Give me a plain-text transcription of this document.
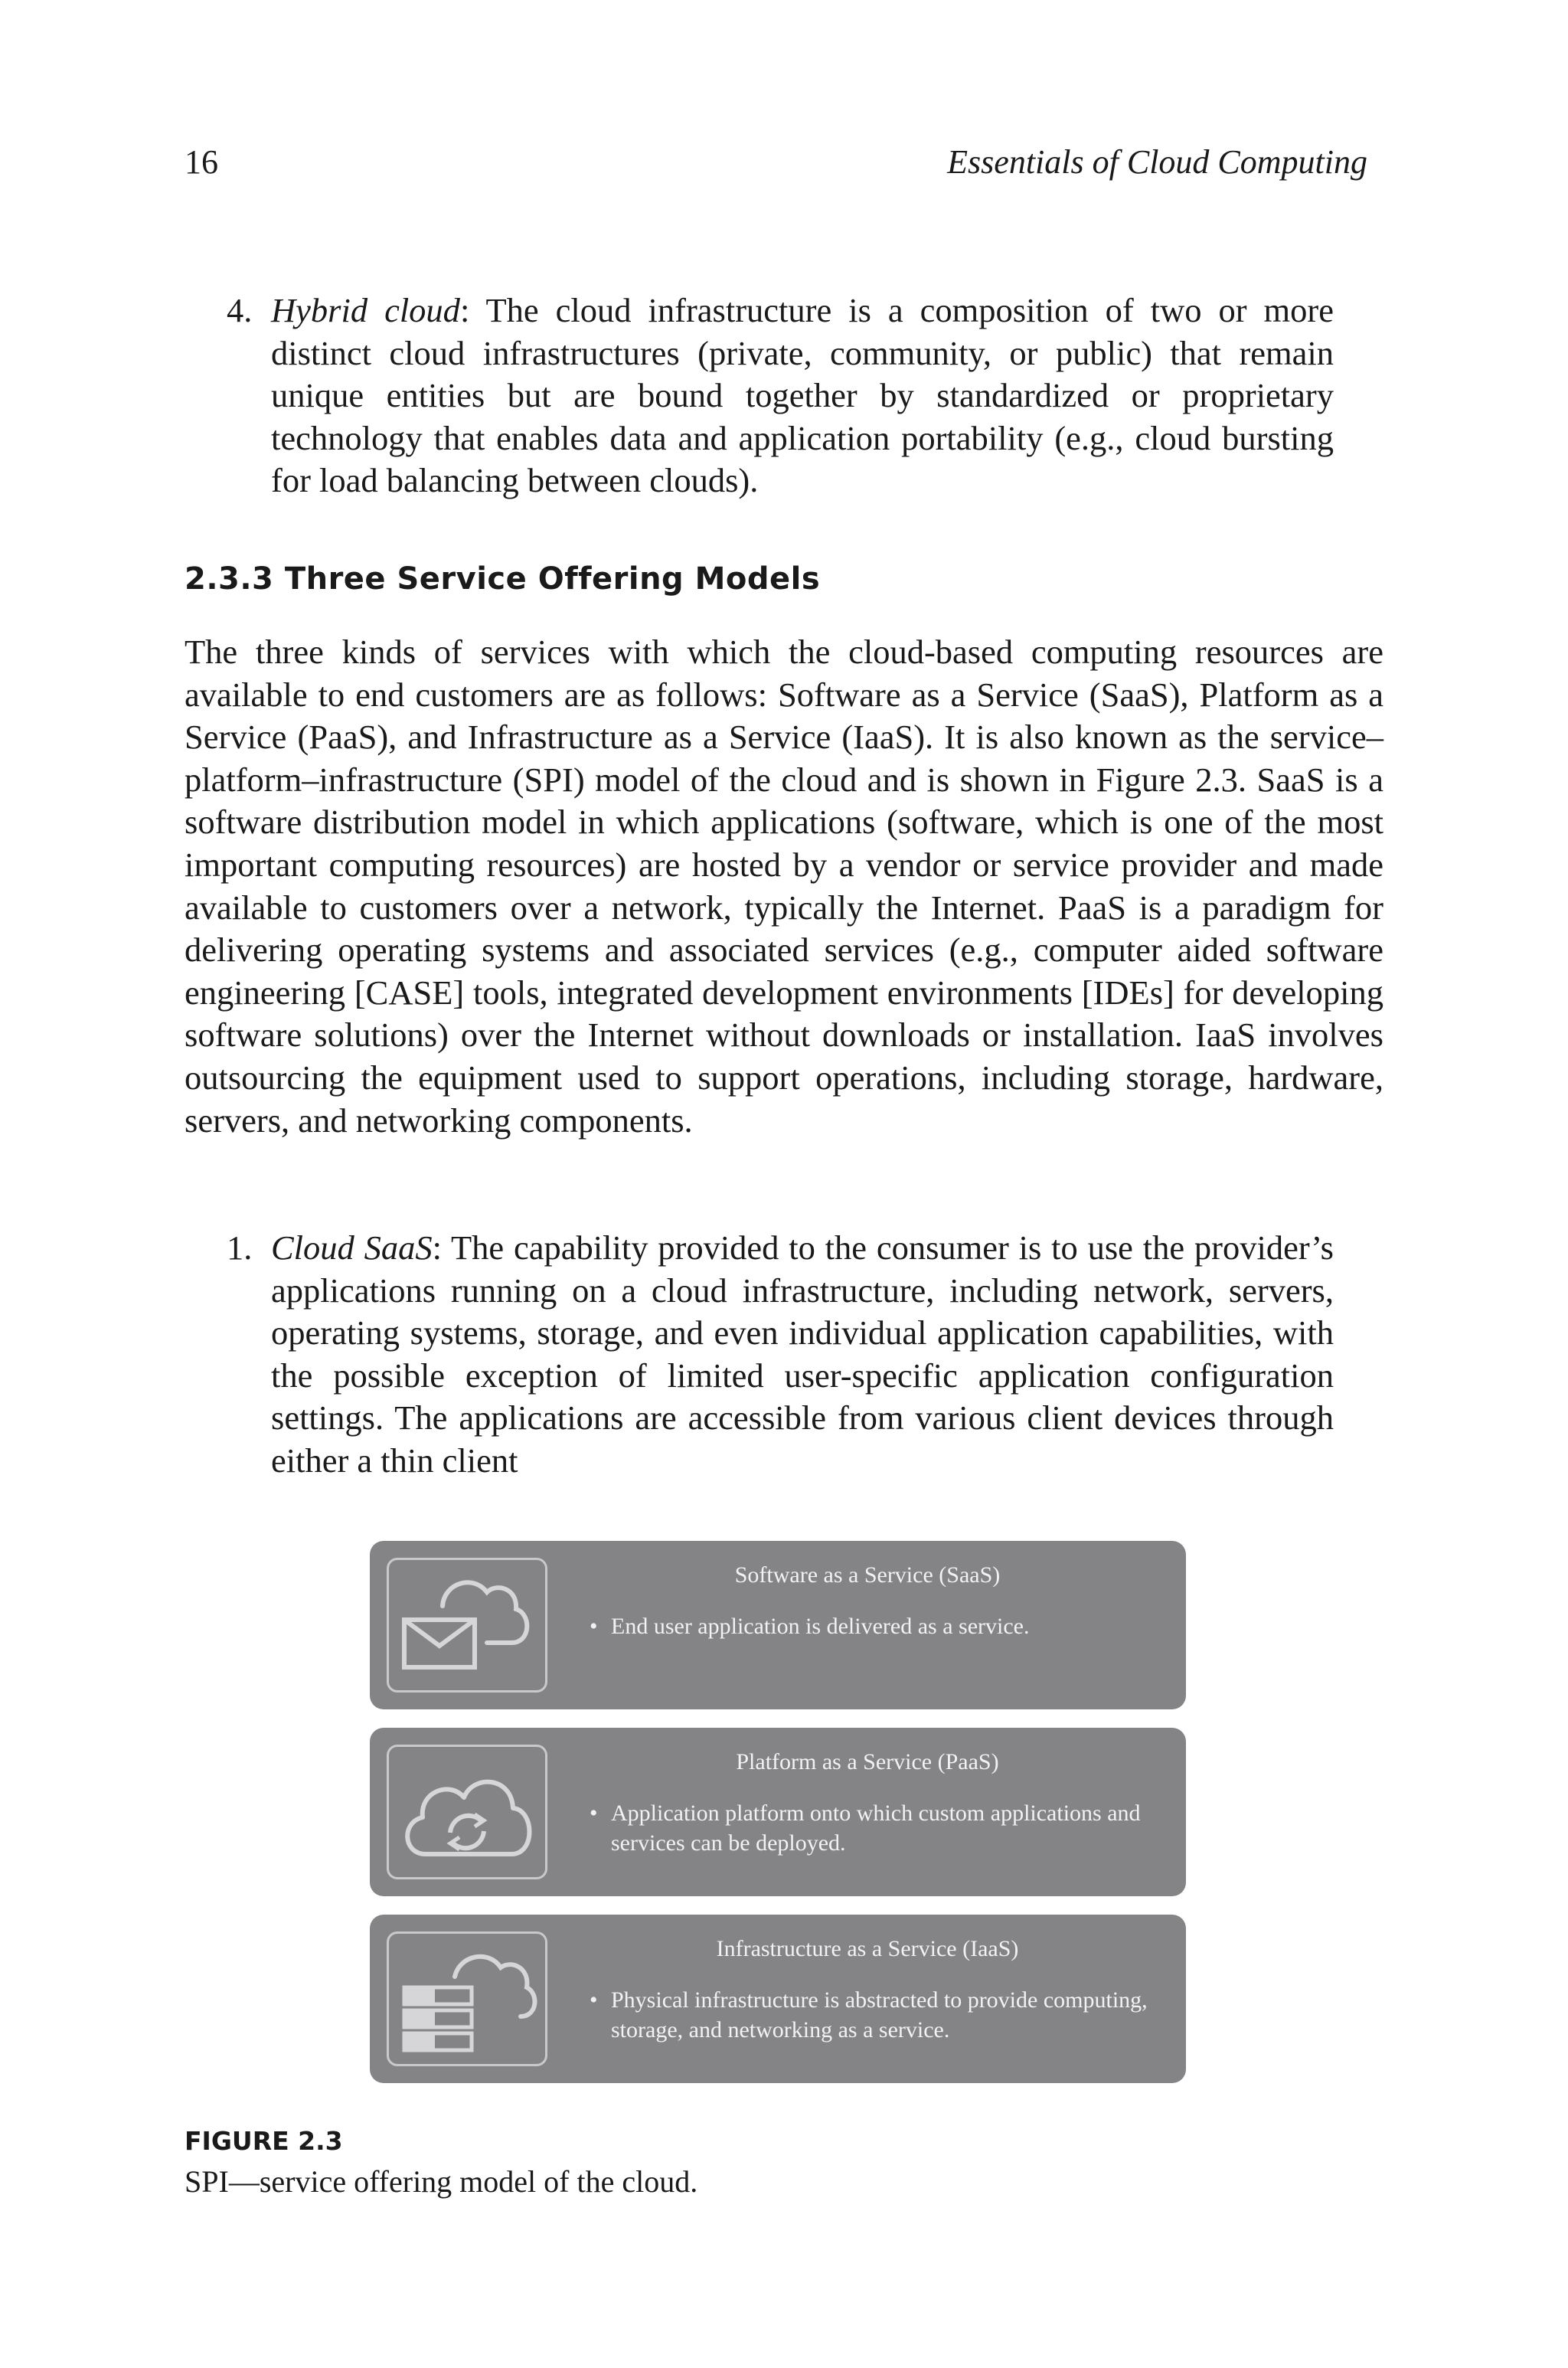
16	Essentials of Cloud Computing

4. Hybrid cloud: The cloud infrastructure is a composition of two or more distinct cloud infrastructures (private, community, or public) that remain unique entities but are bound together by standardized or proprietary technology that enables data and application portability (e.g., cloud bursting for load balancing between clouds).

2.3.3 Three Service Offering Models

The three kinds of services with which the cloud-based computing resources are available to end customers are as follows: Software as a Service (SaaS), Platform as a Service (PaaS), and Infrastructure as a Service (IaaS). It is also known as the service–platform–infrastructure (SPI) model of the cloud and is shown in Figure 2.3. SaaS is a software distribution model in which applications (software, which is one of the most important computing resources) are hosted by a vendor or service provider and made available to customers over a network, typically the Internet. PaaS is a paradigm for delivering operating systems and associated services (e.g., computer aided software engineering [CASE] tools, integrated development environments [IDEs] for developing software solutions) over the Internet without downloads or installation. IaaS involves outsourcing the equipment used to support operations, including storage, hardware, servers, and networking components.

1. Cloud SaaS: The capability provided to the consumer is to use the provider’s applications running on a cloud infrastructure, including network, servers, operating systems, storage, and even individual application capabilities, with the possible exception of limited user-specific application configuration settings. The applications are accessible from various client devices through either a thin client

Software as a Service (SaaS)
• End user application is delivered as a service.
Platform as a Service (PaaS)
• Application platform onto which custom applications and services can be deployed.
Infrastructure as a Service (IaaS)
• Physical infrastructure is abstracted to provide computing, storage, and networking as a service.
FIGURE 2.3
SPI—service offering model of the cloud.
